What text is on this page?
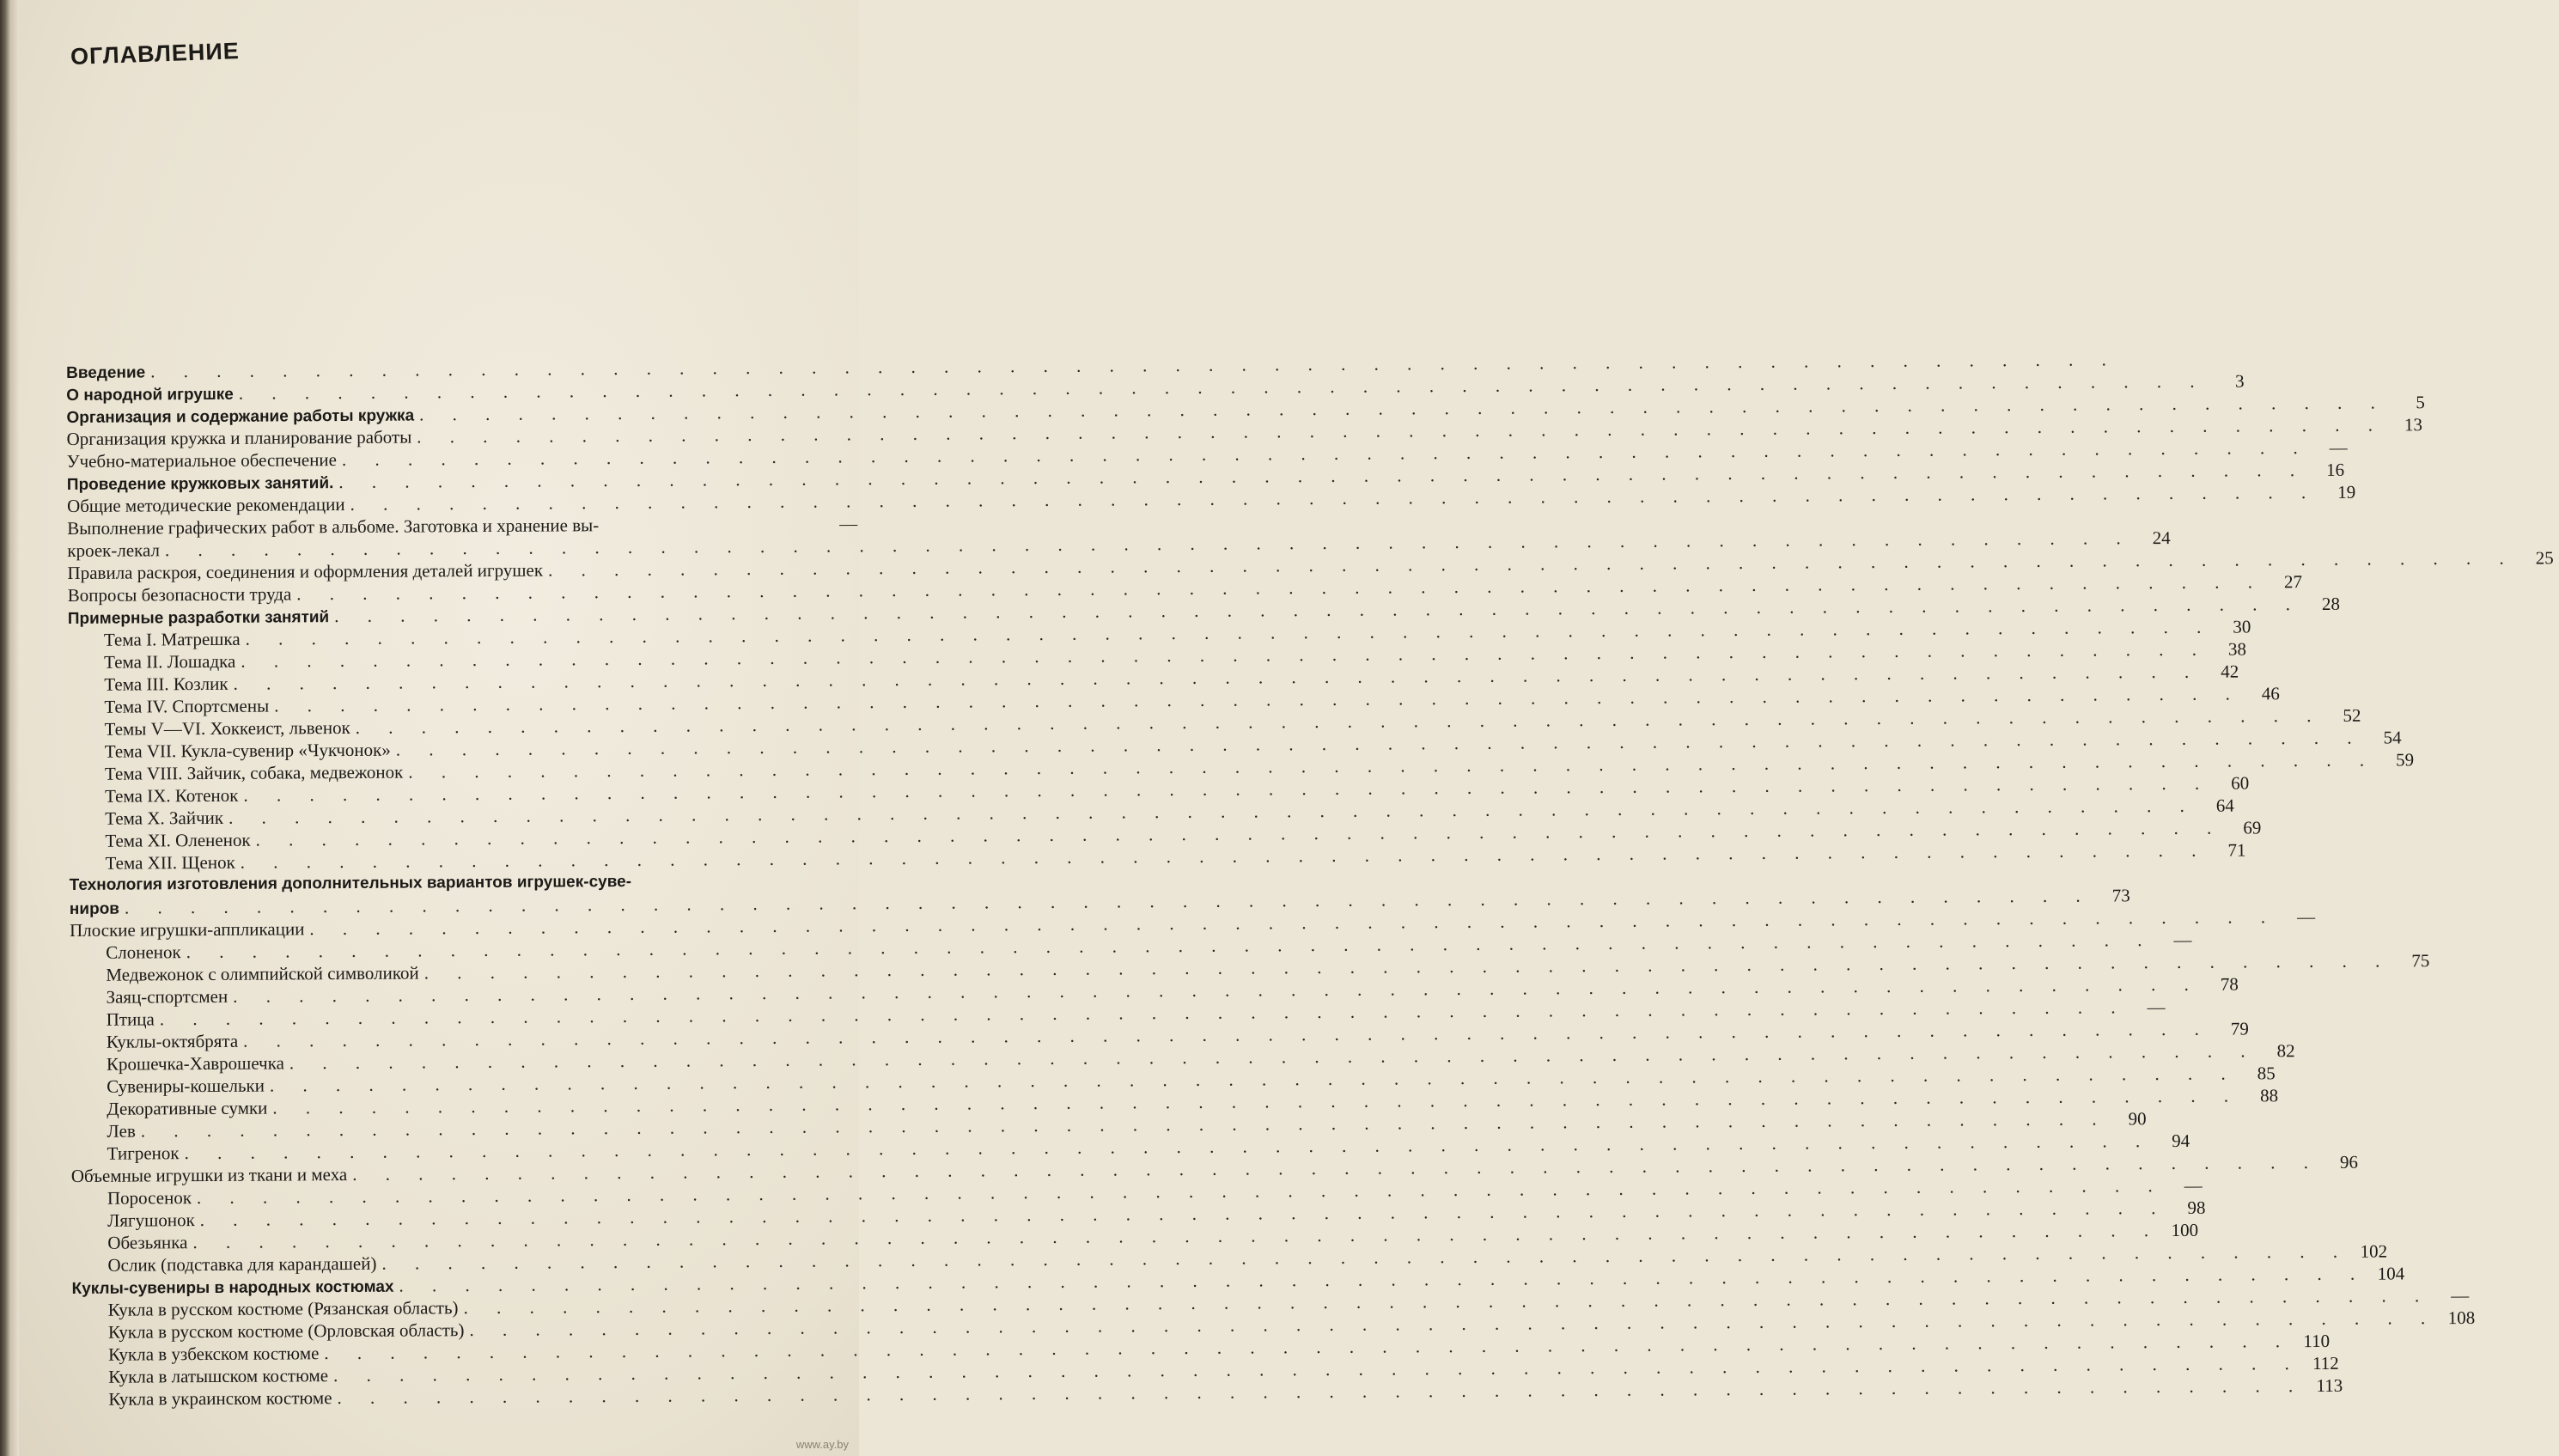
оглавление
Введение
. . .
О народной игрушке
. . .
3
Организация и содержание работы кружка
. . .
5
Организация кружка и планирование работы
. . .
13
Учебно-материальное обеспечение
. . .
—
Проведение кружковых занятий.
. . .
16
Общие методические рекомендации
. . .
19
Выполнение графических работ в альбоме. Заготовка и хранение вы-	—
кроек-лекал
. . .
24
Правила раскроя, соединения и оформления деталей игрушек
. . .
25
Вопросы безопасности труда
. . .
27
Примерные разработки занятий
. . .
28
Тема I. Матрешка
. . .
30
Тема II. Лошадка
. . .
38
Тема III. Козлик
. . .
42
Тема IV. Спортсмены
. . .
46
Темы V—VI. Хоккеист, львенок
. . .
52
Тема VII. Кукла-сувенир «Чукчонок»
. . .
54
Тема VIII. Зайчик, собака, медвежонок
. . .
59
Тема IX. Котенок
. . .
60
Тема X. Зайчик
. . .
64
Тема XI. Олененок
. . .
69
Тема XII. Щенок
. . .
71
Технология изготовления дополнительных вариантов игрушек-суве-
ниров
. . .
73
Плоские игрушки-аппликации
. . .
—
Слоненок
. . .
—
Медвежонок с олимпийской символикой
. . .
75
Заяц-спортсмен
. . .
78
Птица
. . .
—
Куклы-октябрята
. . .
79
Крошечка-Хаврошечка
. . .
82
Сувениры-кошельки
. . .
85
Декоративные сумки
. . .
88
Лев
. . .
90
Тигренок
. . .
94
Объемные игрушки из ткани и меха
. . .
96
Поросенок
. . .
—
Лягушонок
. . .
98
Обезьянка
. . .
100
Ослик (подставка для карандашей)
. . .
102
Куклы-сувениры в народных костюмах
. . .
104
Кукла в русском костюме (Рязанская область)
. . .
—
Кукла в русском костюме (Орловская область)
. . .
108
Кукла в узбекском костюме
. . .
110
Кукла в латышском костюме
. . .
112
Кукла в украинском костюме
. . .
113
www.ay.by
